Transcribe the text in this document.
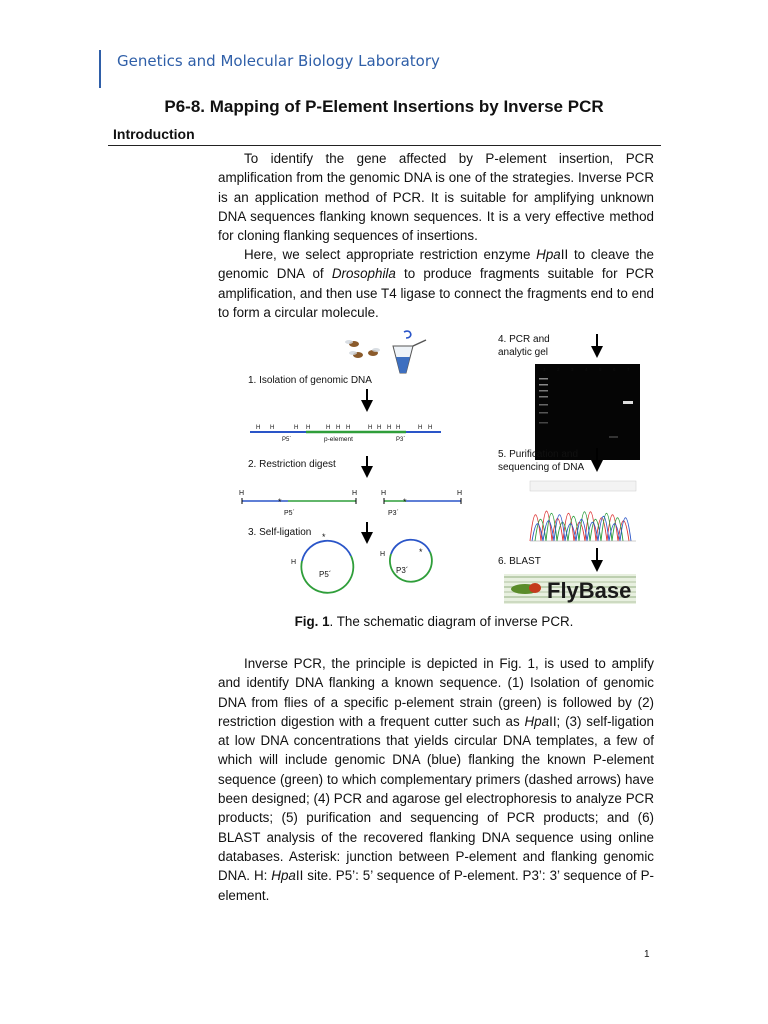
Genetics and Molecular Biology Laboratory
P6-8. Mapping of P-Element Insertions by Inverse PCR
Introduction

To identify the gene affected by P-element insertion, PCR amplification from the genomic DNA is one of the strategies. Inverse PCR is an application method of PCR. It is suitable for amplifying unknown DNA sequences flanking known sequences. It is a very effective method for cloning flanking sequences of insertions.

Here, we select appropriate restriction enzyme HpaII to cleave the genomic DNA of Drosophila to produce fragments suitable for PCR amplification, and then use T4 ligase to connect the fragments end to end to form a circular molecule.

1. Isolation of genomic DNA
H H	H H	H H H	H H H H	H H
P5´	p-element	P3´
2. Restriction digest
H	H
*
P5´
H	H
*
P3´
3. Self-ligation
P5´
H
*
P3´
H	*
4. PCR and
analytic gel
1	2	3	4	5	6	7
5. Purification and
sequencing of DNA
6. BLAST
FlyBase
Fig. 1. The schematic diagram of inverse PCR.

Inverse PCR, the principle is depicted in Fig. 1, is used to amplify and identify DNA flanking a known sequence. (1) Isolation of genomic DNA from flies of a specific p-element strain (green) is followed by (2) restriction digestion with a frequent cutter such as HpaII; (3) self-ligation at low DNA concentrations that yields circular DNA templates, a few of which will include genomic DNA (blue) flanking the known P-element sequence (green) to which complementary primers (dashed arrows) have been designed; (4) PCR and agarose gel electrophoresis to analyze PCR products; (5) purification and sequencing of PCR products; and (6) BLAST analysis of the recovered flanking DNA sequence using online databases. Asterisk: junction between P-element and flanking genomic DNA. H: HpaII site. P5’: 5’ sequence of P-element. P3’: 3’ sequence of P-element.

1
